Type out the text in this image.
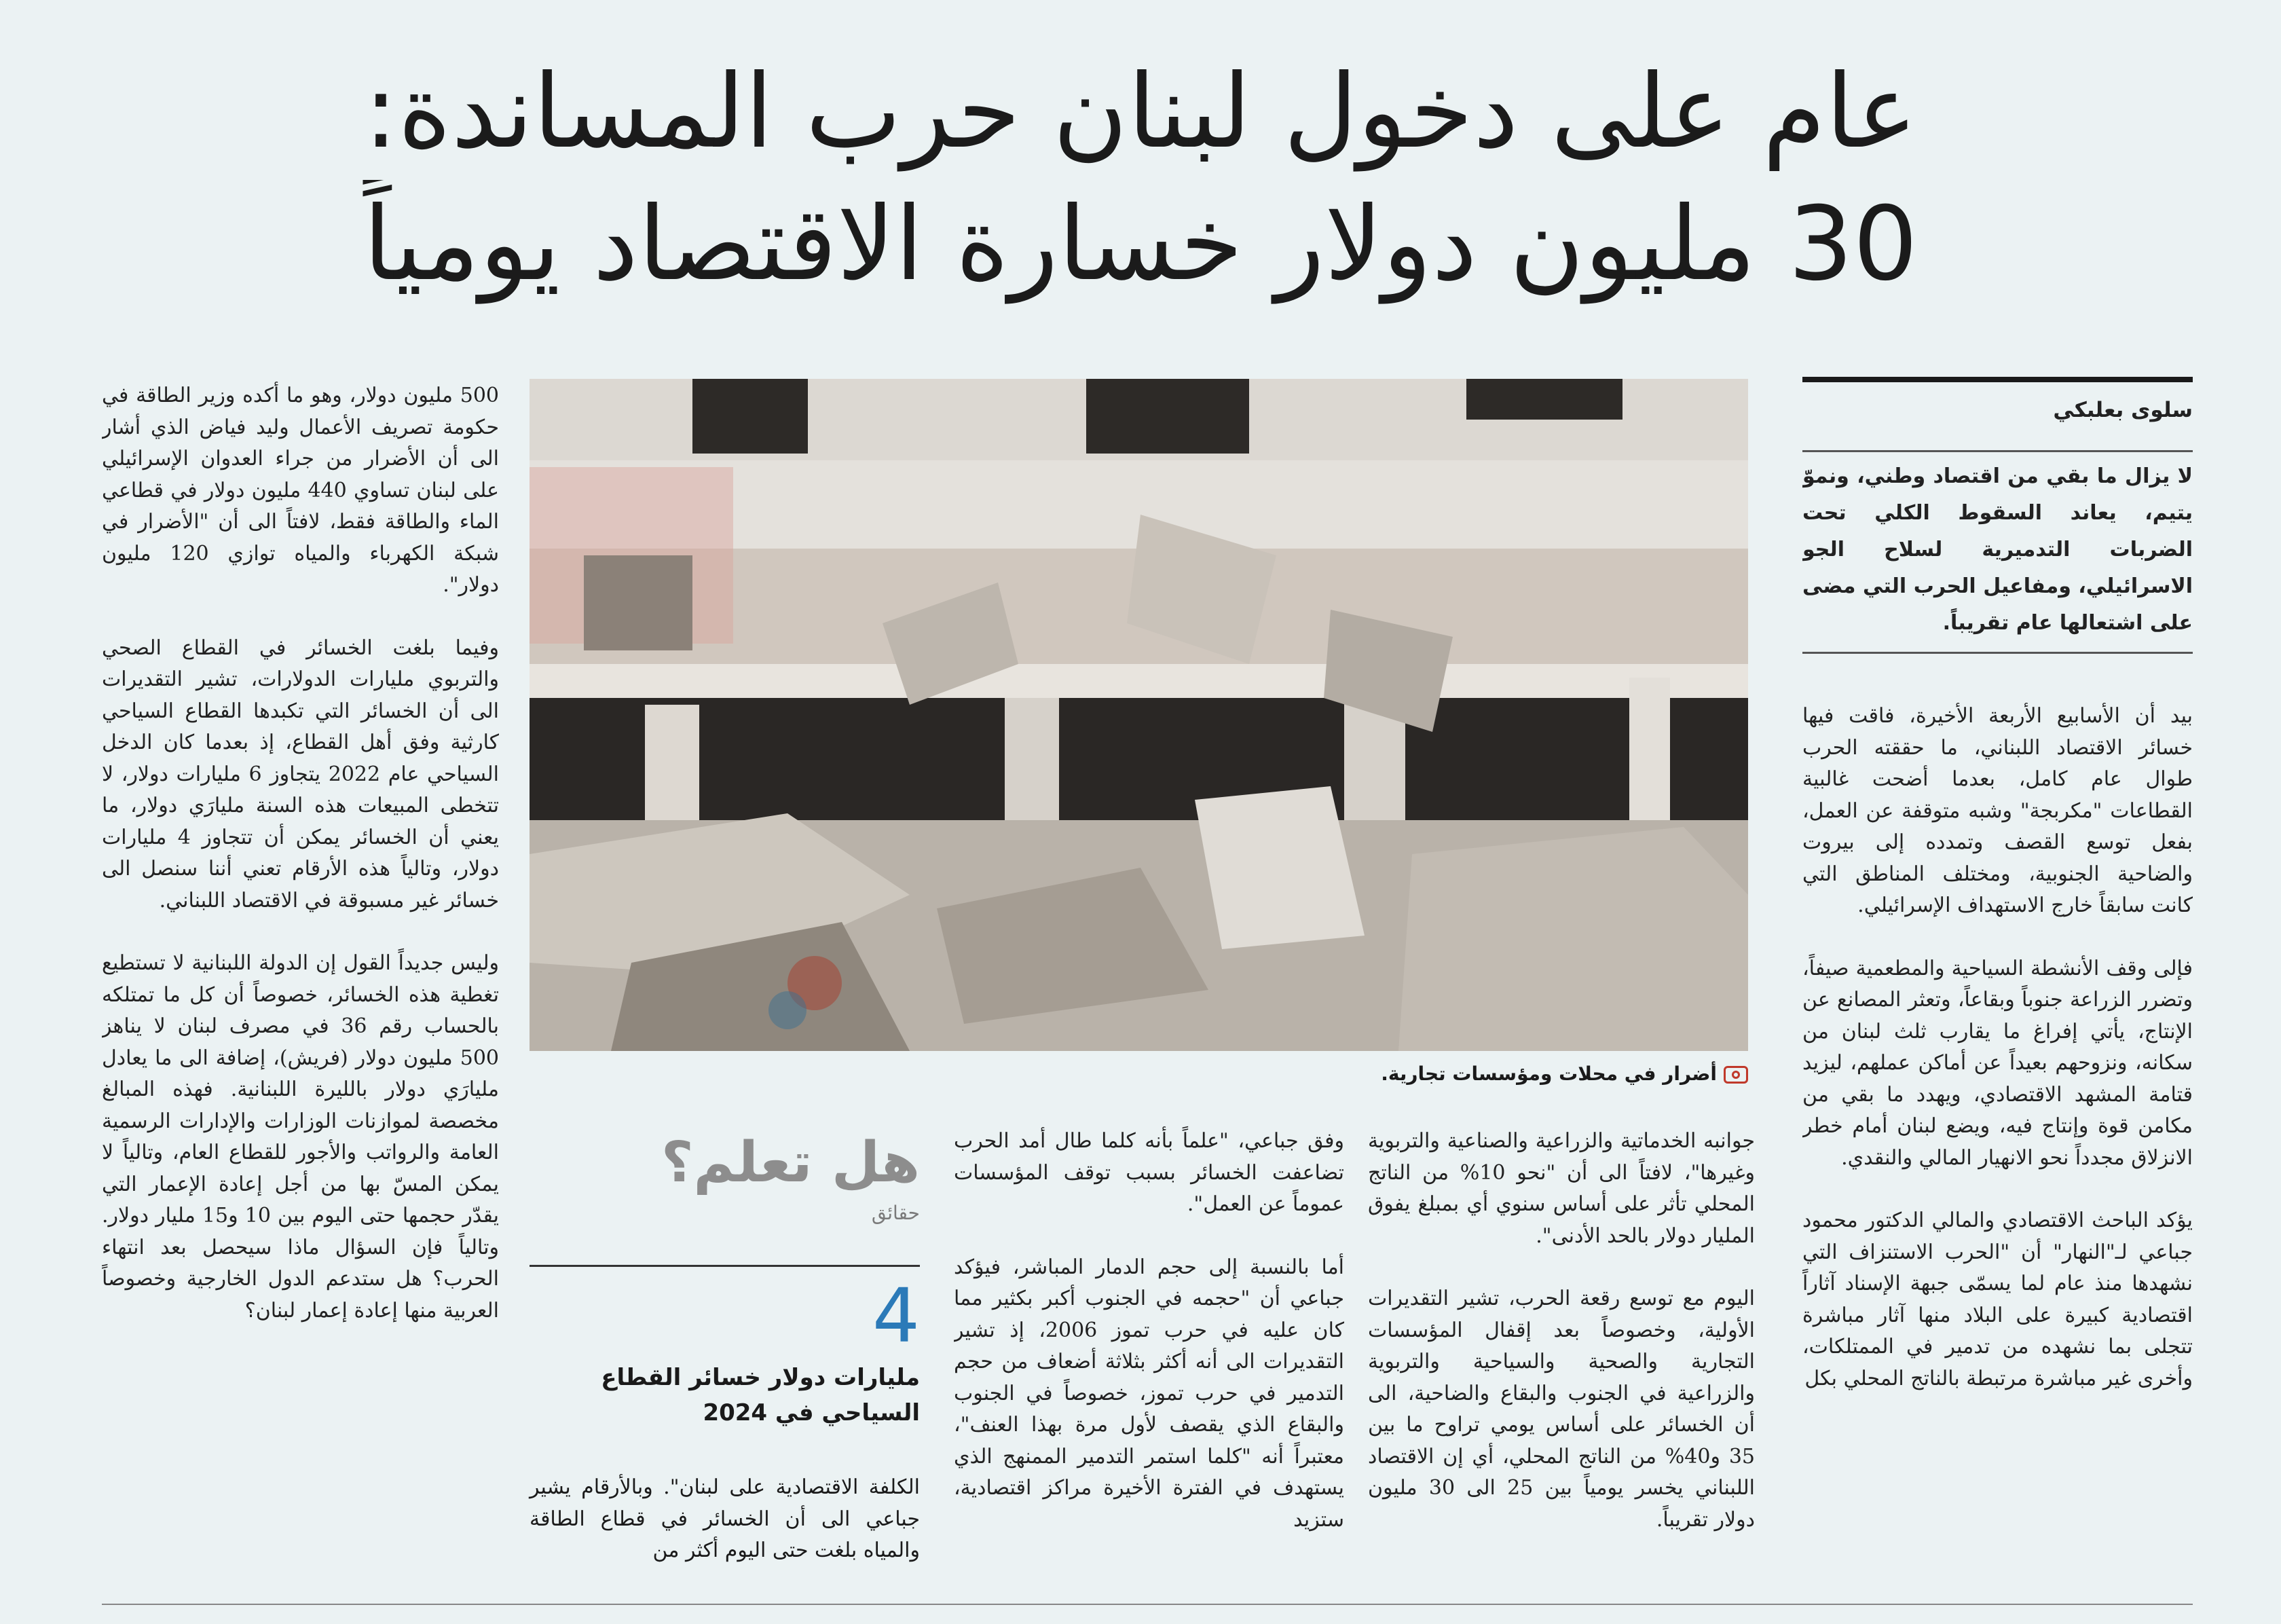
عام على دخول لبنان حرب المساندة:
30 مليون دولار خسارة الاقتصاد يومياً
سلوى بعلبكي
لا يزال ما بقي من اقتصاد وطني، ونموّ يتيم، يعاند السقوط الكلي تحت الضربات التدميرية لسلاح الجو الاسرائيلي، ومفاعيل الحرب التي مضى على اشتعالها عام تقريباً.

بيد أن الأسابيع الأربعة الأخيرة، فاقت فيها خسائر الاقتصاد اللبناني، ما حققته الحرب طوال عام كامل، بعدما أضحت غالبية القطاعات "مكربجة" وشبه متوقفة عن العمل، بفعل توسع القصف وتمدده إلى بيروت والضاحية الجنوبية، ومختلف المناطق التي كانت سابقاً خارج الاستهداف الإسرائيلي.

فإلى وقف الأنشطة السياحية والمطعمية صيفاً، وتضرر الزراعة جنوباً وبقاعاً، وتعثر المصانع عن الإنتاج، يأتي إفراغ ما يقارب ثلث لبنان من سكانه، ونزوحهم بعيداً عن أماكن عملهم، ليزيد قتامة المشهد الاقتصادي، ويهدد ما بقي من مكامن قوة وإنتاج فيه، ويضع لبنان أمام خطر الانزلاق مجدداً نحو الانهيار المالي والنقدي.

يؤكد الباحث الاقتصادي والمالي الدكتور محمود جباعي لـ"النهار" أن "الحرب الاستنزاف التي نشهدها منذ عام لما يسمّى جبهة الإسناد آثاراً اقتصادية كبيرة على البلاد منها آثار مباشرة تتجلى بما نشهده من تدمير في الممتلكات، وأخرى غير مباشرة مرتبطة بالناتج المحلي بكل

أضرار في محلات ومؤسسات تجارية.

جوانبه الخدماتية والزراعية والصناعية والتربوية وغيرها"، لافتاً الى أن "نحو 10% من الناتج المحلي تأثر على أساس سنوي أي بمبلغ يفوق المليار دولار بالحد الأدنى".

اليوم مع توسع رقعة الحرب، تشير التقديرات الأولية، وخصوصاً بعد إقفال المؤسسات التجارية والصحية والسياحية والتربوية والزراعية في الجنوب والبقاع والضاحية، الى أن الخسائر على أساس يومي تراوح ما بين 35 و40% من الناتج المحلي، أي إن الاقتصاد اللبناني يخسر يومياً بين 25 الى 30 مليون دولار تقريباً.

وفق جباعي، "علماً بأنه كلما طال أمد الحرب تضاعفت الخسائر بسبب توقف المؤسسات عموماً عن العمل".

أما بالنسبة إلى حجم الدمار المباشر، فيؤكد جباعي أن "حجمه في الجنوب أكبر بكثير مما كان عليه في حرب تموز 2006، إذ تشير التقديرات الى أنه أكثر بثلاثة أضعاف من حجم التدمير في حرب تموز، خصوصاً في الجنوب والبقاع الذي يقصف لأول مرة بهذا العنف"، معتبراً أنه "كلما استمر التدمير الممنهج الذي يستهدف في الفترة الأخيرة مراكز اقتصادية، ستزيد

هل تعلم؟
حقائق
4
مليارات دولار خسائر القطاع السياحي في 2024
الكلفة الاقتصادية على لبنان". وبالأرقام يشير جباعي الى أن الخسائر في قطاع الطاقة والمياه بلغت حتى اليوم أكثر من

500 مليون دولار، وهو ما أكده وزير الطاقة في حكومة تصريف الأعمال وليد فياض الذي أشار الى أن الأضرار من جراء العدوان الإسرائيلي على لبنان تساوي 440 مليون دولار في قطاعي الماء والطاقة فقط، لافتاً الى أن "الأضرار في شبكة الكهرباء والمياه توازي 120 مليون دولار".

وفيما بلغت الخسائر في القطاع الصحي والتربوي مليارات الدولارات، تشير التقديرات الى أن الخسائر التي تكبدها القطاع السياحي كارثية وفق أهل القطاع، إذ بعدما كان الدخل السياحي عام 2022 يتجاوز 6 مليارات دولار، لا تتخطى المبيعات هذه السنة مليارَي دولار، ما يعني أن الخسائر يمكن أن تتجاوز 4 مليارات دولار، وتالياً هذه الأرقام تعني أننا سنصل الى خسائر غير مسبوقة في الاقتصاد اللبناني.

وليس جديداً القول إن الدولة اللبنانية لا تستطيع تغطية هذه الخسائر، خصوصاً أن كل ما تمتلكه بالحساب رقم 36 في مصرف لبنان لا يناهز 500 مليون دولار (فريش)، إضافة الى ما يعادل مليارَي دولار بالليرة اللبنانية. فهذه المبالغ مخصصة لموازنات الوزارات والإدارات الرسمية العامة والرواتب والأجور للقطاع العام، وتالياً لا يمكن المسّ بها من أجل إعادة الإعمار التي يقدّر حجمها حتى اليوم بين 10 و15 مليار دولار. وتالياً فإن السؤال ماذا سيحصل بعد انتهاء الحرب؟ هل ستدعم الدول الخارجية وخصوصاً العربية منها إعادة إعمار لبنان؟
